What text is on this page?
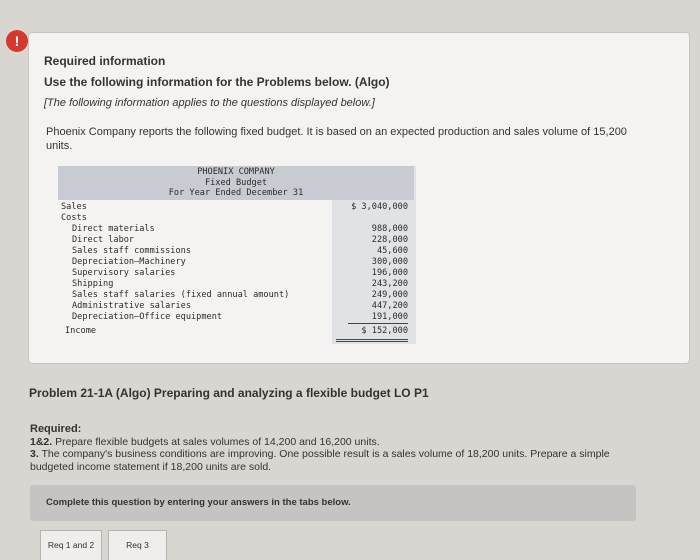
!
Required information
Use the following information for the Problems below. (Algo)
[The following information applies to the questions displayed below.]
Phoenix Company reports the following fixed budget. It is based on an expected production and sales volume of 15,200 units.
PHOENIX COMPANY
Fixed Budget
For Year Ended December 31
Sales	$ 3,040,000
Costs
Direct materials	988,000
Direct labor	228,000
Sales staff commissions	45,600
Depreciation—Machinery	300,000
Supervisory salaries	196,000
Shipping	243,200
Sales staff salaries (fixed annual amount)	249,000
Administrative salaries	447,200
Depreciation—Office equipment	191,000
Income	$ 152,000
Problem 21-1A (Algo) Preparing and analyzing a flexible budget LO P1
Required:
1&2. Prepare flexible budgets at sales volumes of 14,200 and 16,200 units.
3. The company's business conditions are improving. One possible result is a sales volume of 18,200 units. Prepare a simple budgeted income statement if 18,200 units are sold.
Complete this question by entering your answers in the tabs below.
Req 1 and 2	Req 3
